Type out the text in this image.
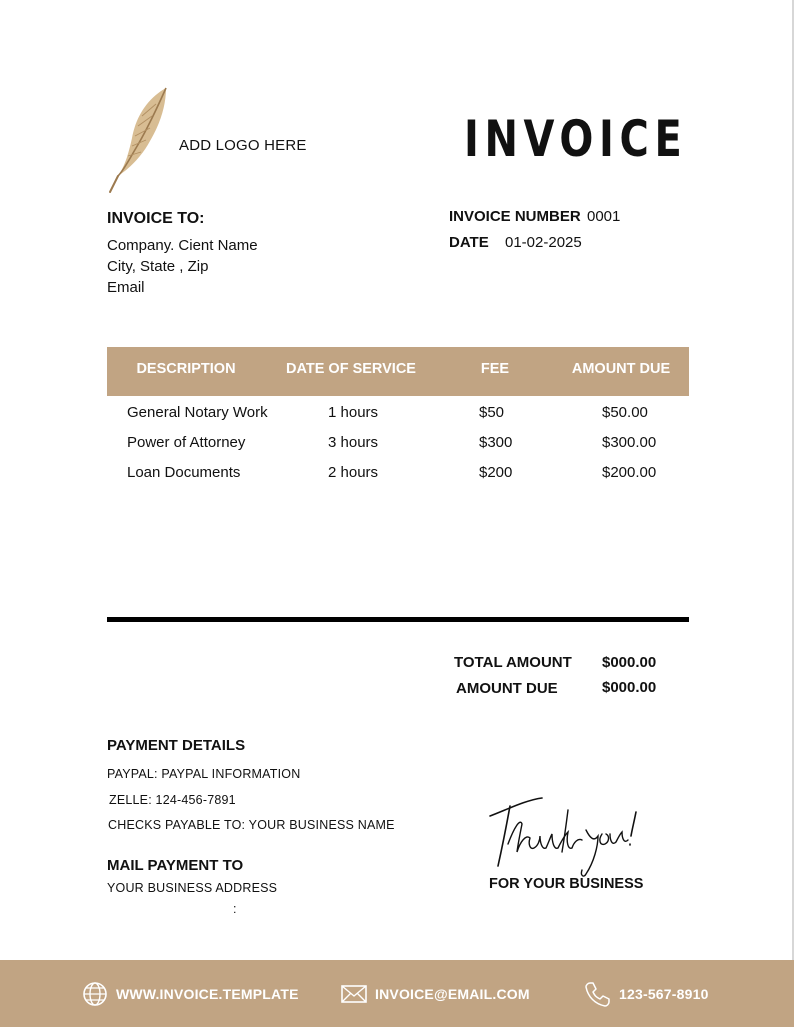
ADD LOGO HERE	INVOICE
INVOICE TO:
Company. Cient Name
City, State , Zip
Email
INVOICE NUMBER 0001
DATE 01-02-2025
DESCRIPTION	DATE OF SERVICE	FEE	AMOUNT DUE
General Notary Work	1 hours	$50	$50.00
Power of Attorney	3 hours	$300	$300.00
Loan Documents	2 hours	$200	$200.00
TOTAL AMOUNT $000.00
AMOUNT DUE	$000.00
PAYMENT DETAILS
PAYPAL: PAYPAL INFORMATION
ZELLE: 124-456-7891
CHECKS PAYABLE TO: YOUR BUSINESS NAME
MAIL PAYMENT TO
YOUR BUSINESS ADDRESS
:
Thank you!
FOR YOUR BUSINESS
WWW.INVOICE.TEMPLATE	INVOICE@EMAIL.COM	123-567-8910
